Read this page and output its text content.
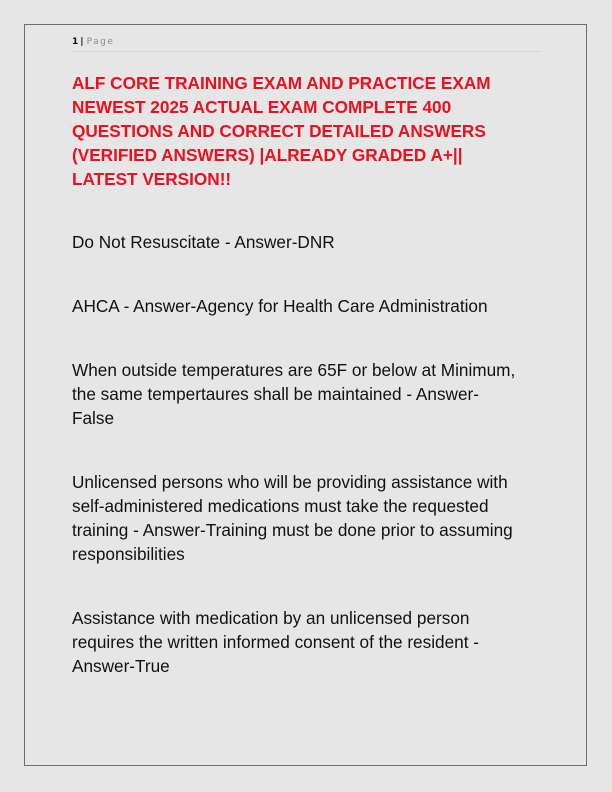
1 | Page
ALF CORE TRAINING EXAM AND PRACTICE EXAM
NEWEST 2025 ACTUAL EXAM COMPLETE 400
QUESTIONS AND CORRECT DETAILED ANSWERS
(VERIFIED ANSWERS) |ALREADY GRADED A+||
LATEST VERSION!!

Do Not Resuscitate - Answer-DNR

AHCA - Answer-Agency for Health Care Administration

When outside temperatures are 65F or below at Minimum,
the same tempertaures shall be maintained - Answer-
False

Unlicensed persons who will be providing assistance with
self-administered medications must take the requested
training - Answer-Training must be done prior to assuming
responsibilities

Assistance with medication by an unlicensed person
requires the written informed consent of the resident -
Answer-True
